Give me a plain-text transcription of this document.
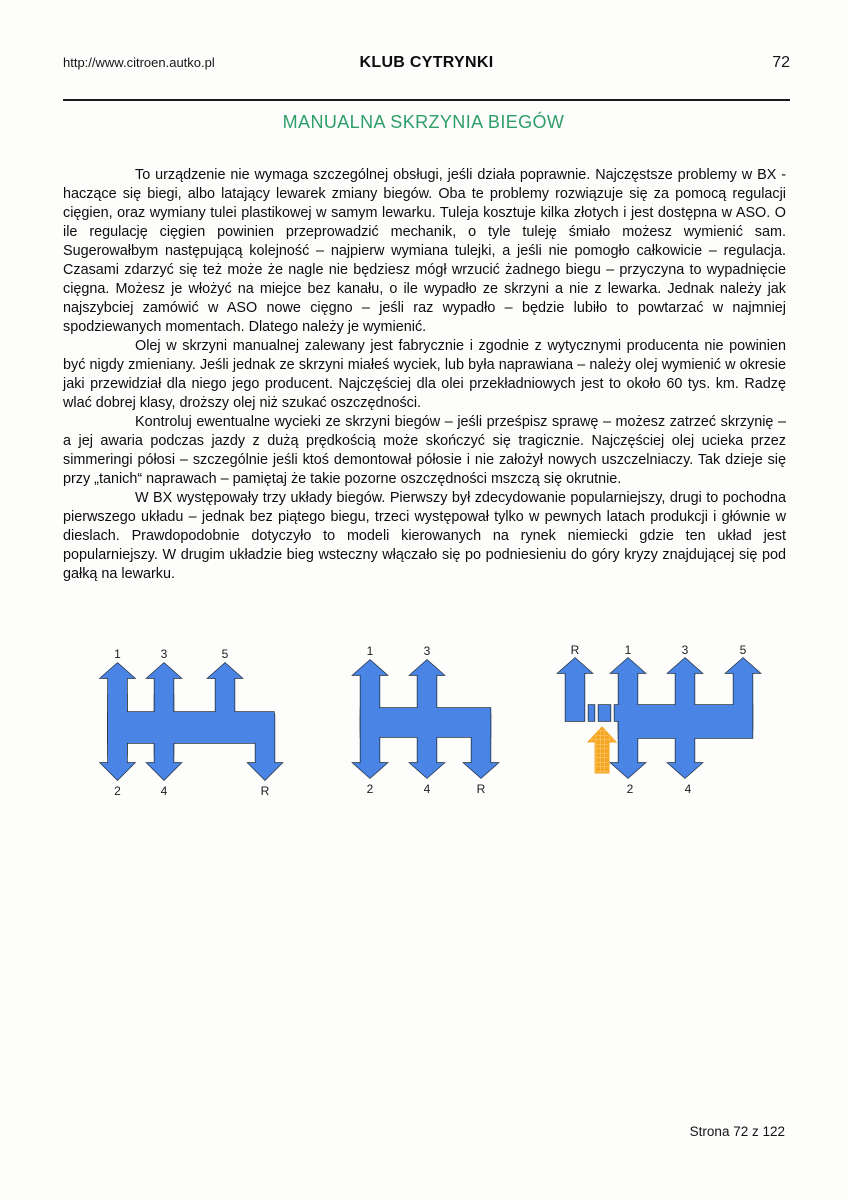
http://www.citroen.autko.pl	KLUB CYTRYNKI	72
MANUALNA SKRZYNIA BIEGÓW

To urządzenie nie wymaga szczególnej obsługi, jeśli działa poprawnie. Najczęstsze problemy w BX - haczące się biegi, albo latający lewarek zmiany biegów. Oba te problemy rozwiązuje się za pomocą regulacji cięgien, oraz wymiany tulei plastikowej w samym lewarku. Tuleja kosztuje kilka złotych i jest dostępna w ASO. O ile regulację cięgien powinien przeprowadzić mechanik, o tyle tuleję śmiało możesz wymienić sam. Sugerowałbym następującą kolejność – najpierw wymiana tulejki, a jeśli nie pomogło całkowicie – regulacja. Czasami zdarzyć się też może że nagle nie będziesz mógł wrzucić żadnego biegu – przyczyna to wypadnięcie cięgna. Możesz je włożyć na miejce bez kanału, o ile wypadło ze skrzyni a nie z lewarka. Jednak należy jak najszybciej zamówić w ASO nowe cięgno – jeśli raz wypadło – będzie lubiło to powtarzać w najmniej spodziewanych momentach. Dlatego należy je wymienić.

Olej w skrzyni manualnej zalewany jest fabrycznie i zgodnie z wytycznymi producenta nie powinien być nigdy zmieniany. Jeśli jednak ze skrzyni miałeś wyciek, lub była naprawiana – należy olej wymienić w okresie jaki przewidział dla niego jego producent. Najczęściej dla olei przekładniowych jest to około 60 tys. km. Radzę wlać dobrej klasy, droższy olej niż szukać oszczędności.

Kontroluj ewentualne wycieki ze skrzyni biegów – jeśli prześpisz sprawę – możesz zatrzeć skrzynię – a jej awaria podczas jazdy z dużą prędkością może skończyć się tragicznie. Najczęściej olej ucieka przez simmeringi półosi – szczególnie jeśli ktoś demontował półosie i nie założył nowych uszczelniaczy. Tak dzieje się przy „tanich“ naprawach – pamiętaj że takie pozorne oszczędności mszczą się okrutnie.

W BX występowały trzy układy biegów. Pierwszy był zdecydowanie popularniejszy, drugi to pochodna pierwszego układu – jednak bez piątego biegu, trzeci występował tylko w pewnych latach produkcji i głównie w dieslach. Prawdopodobnie dotyczyło to modeli kierowanych na rynek niemiecki gdzie ten układ jest popularniejszy. W drugim układzie bieg wsteczny włączało się po podniesieniu do góry kryzy znajdującej się pod gałką na lewarku.

1	3	5
2	4	R
1	3
2	4	R
R	1	3	5
2	4
Strona 72 z 122
